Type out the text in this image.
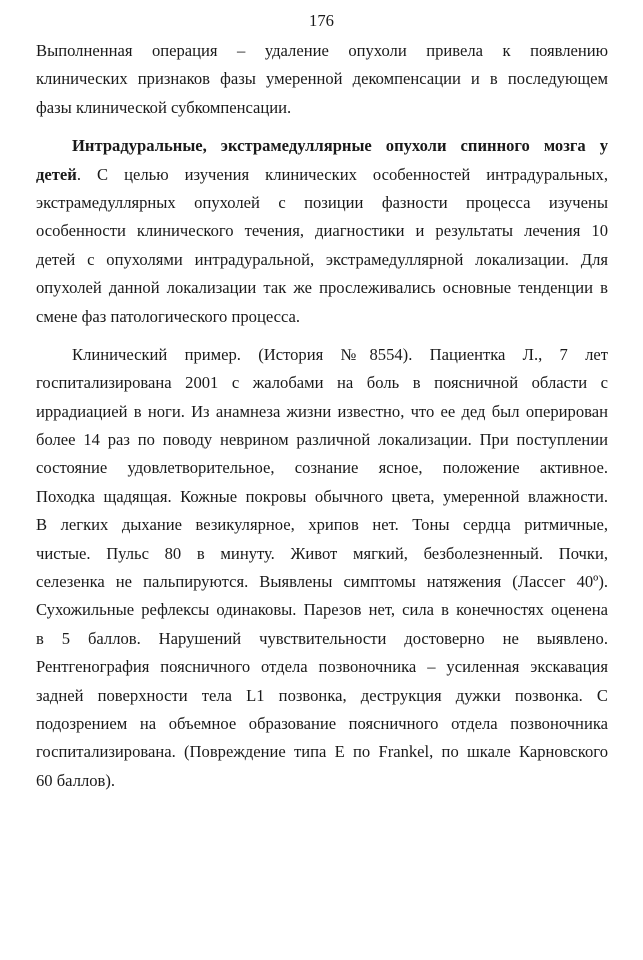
176
Выполненная операция – удаление опухоли привела к появлению
клинических признаков фазы умеренной декомпенсации и в последующем
фазы клинической субкомпенсации.
Интрадуральные, экстрамедуллярные опухоли спинного мозга у
детей. С целью изучения клинических особенностей интрадуральных,
экстрамедуллярных опухолей с позиции фазности процесса изучены
особенности клинического течения, диагностики и результаты лечения 10
детей с опухолями интрадуральной, экстрамедуллярной локализации. Для
опухолей данной локализации так же прослеживались основные тенденции в
смене фаз патологического процесса.
Клинический пример. (История №8554). Пациентка Л., 7 лет
госпитализирована 2001 с жалобами на боль в поясничной области с
иррадиацией в ноги. Из анамнеза жизни известно, что ее дед был оперирован
более 14 раз по поводу неврином различной локализации. При поступлении
состояние удовлетворительное, сознание ясное, положение активное.
Походка щадящая. Кожные покровы обычного цвета, умеренной влажности.
В легких дыхание везикулярное, хрипов нет. Тоны сердца ритмичные,
чистые. Пульс 80 в минуту. Живот мягкий, безболезненный. Почки,
селезенка не пальпируются. Выявлены симптомы натяжения (Лассег 40º).
Сухожильные рефлексы одинаковы. Парезов нет, сила в конечностях оценена
в 5 баллов. Нарушений чувствительности достоверно не выявлено.
Рентгенография поясничного отдела позвоночника – усиленная экскавация
задней поверхности тела L1 позвонка, деструкция дужки позвонка. С
подозрением на объемное образование поясничного отдела позвоночника
госпитализирована. (Повреждение типа Е по Frankel, по шкале Карновского
60 баллов).
